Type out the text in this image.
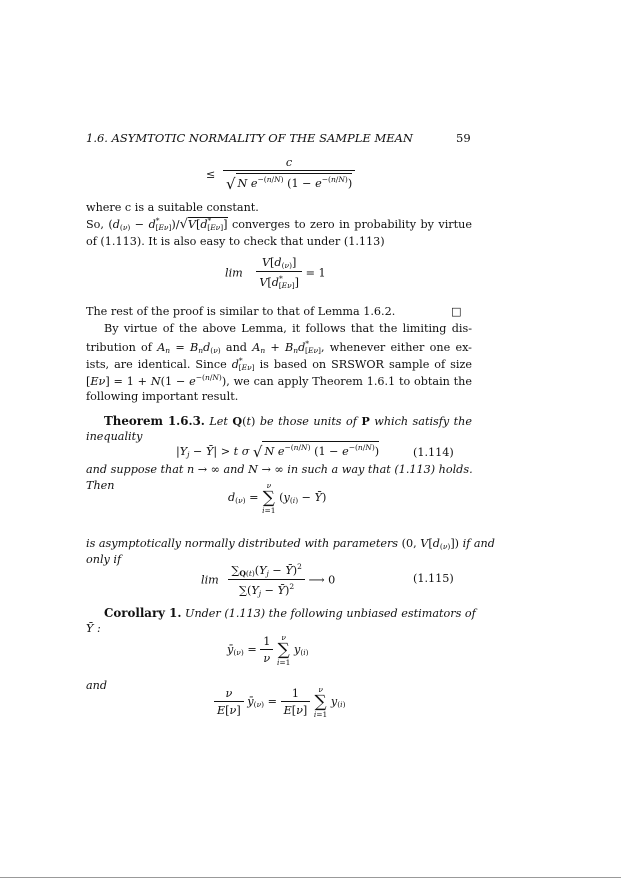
1.6. ASYMTOTIC NORMALITY OF THE SAMPLE MEAN	59
≤ $\frac{c}{√ N e^{-(n/N)} (1 - e^{-(n/N)})}$
where c is a suitable constant.
So, $(d_{(\nu)} - d^*_{[E\nu]})/√V[d^*_{[E\nu]}]$ converges to zero in probability by virtue
of (1.113). It is also easy to check that under (1.113)
$\lim \frac{V[d_{(\nu)}]}{V[d^*_{[E\nu]}]} = 1$
The rest of the proof is similar to that of Lemma 1.6.2.	□
By virtue of the above Lemma, it follows that the limiting dis-
tribution of $A_n = B_nd_{(\nu)}$ and $A_n + B_nd^*_{[E\nu]}$, whenever either one ex-
ists, are identical. Since $d^*_{[E\nu]}$ is based on SRSWOR sample of size
$[E\nu] = 1 + N(1 - e^{-(n/N)})$, we can apply Theorem 1.6.1 to obtain the
following important result.
Theorem 1.6.3. Let Q(t) be those units of P which satisfy the
inequality
$|Y_j$ − Ȳ| > t σ √ N $e^{-(n/N)}$ $(1 - e^{-(n/N)})$	(1.114)
and suppose that n → ∞ and N → ∞ in such a way that (1.113) holds.
Then
$d_{(\nu)}$ =
ν
∑
i=1
($y_{(i)}$ − Ȳ)
is asymptotically normally distributed with parameters (0, $V[d_{(\nu)}]$) if and
only if
$\lim \frac{\sum_{Q(t)}(Y_j - Ȳ)^2}{\sum(Y_j - Ȳ)^2}$ ⟶ 0	(1.115)
Corollary 1. Under (1.113) the following unbiased estimators of
Ȳ :
$ȳ_{(\nu)} = \frac{1}{\nu}$
	ν
∑
i=1
$y_{(i)}$
and
$\frac{\nu}{E[\nu]}$ $ȳ_{(\nu)} = \frac{1}{E[\nu]}$
	ν
∑
i=1
$y_{(i)}$
